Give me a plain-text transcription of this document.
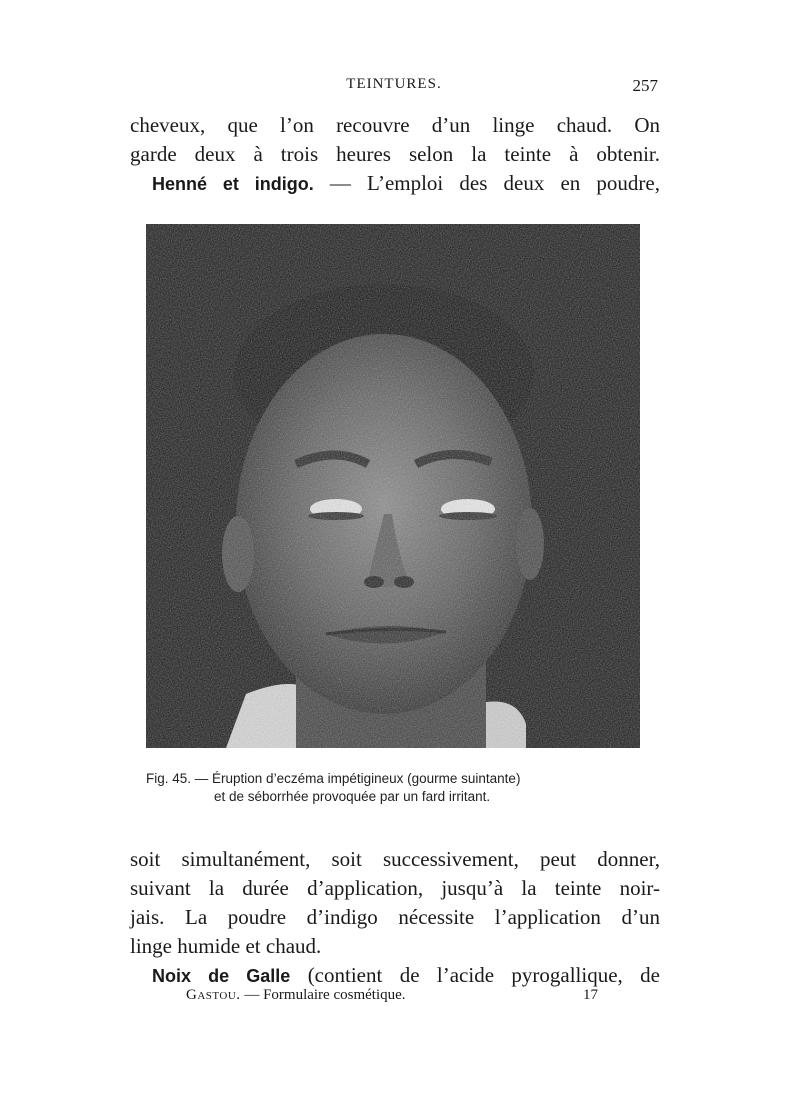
TEINTURES.	257
cheveux, que l’on recouvre d’un linge chaud. On
garde deux à trois heures selon la teinte à obtenir.
Henné et indigo. — L’emploi des deux en poudre,
Fig. 45. — Éruption d’eczéma impétigineux (gourme suintante)
et de séborrhée provoquée par un fard irritant.
soit simultanément, soit successivement, peut donner,
suivant la durée d’application, jusqu’à la teinte noir-
jais. La poudre d’indigo nécessite l’application d’un
linge humide et chaud.
Noix de Galle (contient de l’acide pyrogallique, de
Gastou. — Formulaire cosmétique.	17
